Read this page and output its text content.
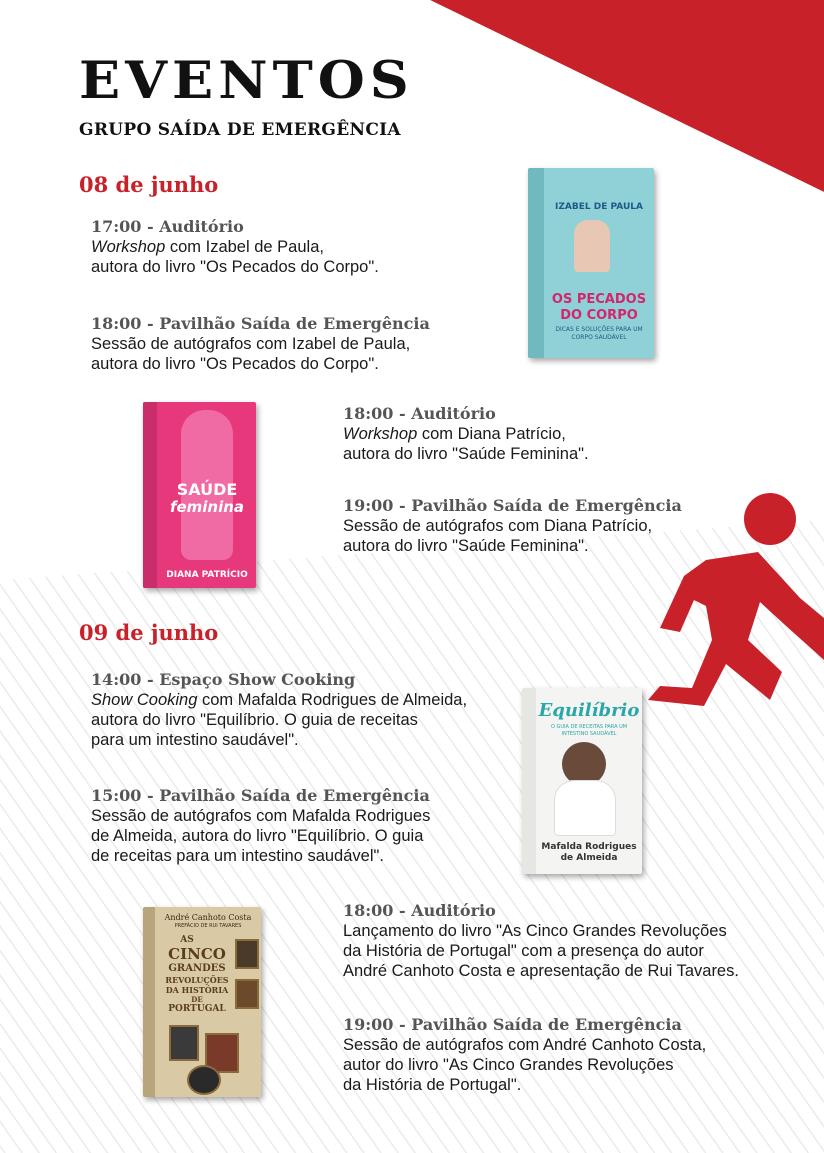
EVENTOS
GRUPO SAÍDA DE EMERGÊNCIA
08 de junho
17:00 - Auditório
Workshop com Izabel de Paula,
autora do livro "Os Pecados do Corpo".
18:00 - Pavilhão Saída de Emergência
Sessão de autógrafos com Izabel de Paula,
autora do livro "Os Pecados do Corpo".
18:00 - Auditório
Workshop com Diana Patrício,
autora do livro "Saúde Feminina".
19:00 - Pavilhão Saída de Emergência
Sessão de autógrafos com Diana Patrício,
autora do livro "Saúde Feminina".
09 de junho
14:00 - Espaço Show Cooking
Show Cooking com Mafalda Rodrigues de Almeida,
autora do livro "Equilíbrio. O guia de receitas
para um intestino saudável".
15:00 - Pavilhão Saída de Emergência
Sessão de autógrafos com Mafalda Rodrigues
de Almeida, autora do livro "Equilíbrio. O guia
de receitas para um intestino saudável".
18:00 - Auditório
Lançamento do livro "As Cinco Grandes Revoluções
da História de Portugal" com a presença do autor
André Canhoto Costa e apresentação de Rui Tavares.
19:00 - Pavilhão Saída de Emergência
Sessão de autógrafos com André Canhoto Costa,
autor do livro "As Cinco Grandes Revoluções
da História de Portugal".
IZABEL DE PAULA
OS PECADOS
DO CORPO
DICAS E SOLUÇÕES PARA UM CORPO SAUDÁVEL
SAÚDE
feminina
DIANA PATRÍCIO
Equilíbrio
O GUIA DE RECEITAS PARA UM INTESTINO SAUDÁVEL
Mafalda Rodrigues
de Almeida
André Canhoto Costa
PREFÁCIO DE RUI TAVARES
AS
CINCO
GRANDES
REVOLUÇÕES
DA HISTÓRIA
DE
PORTUGAL
